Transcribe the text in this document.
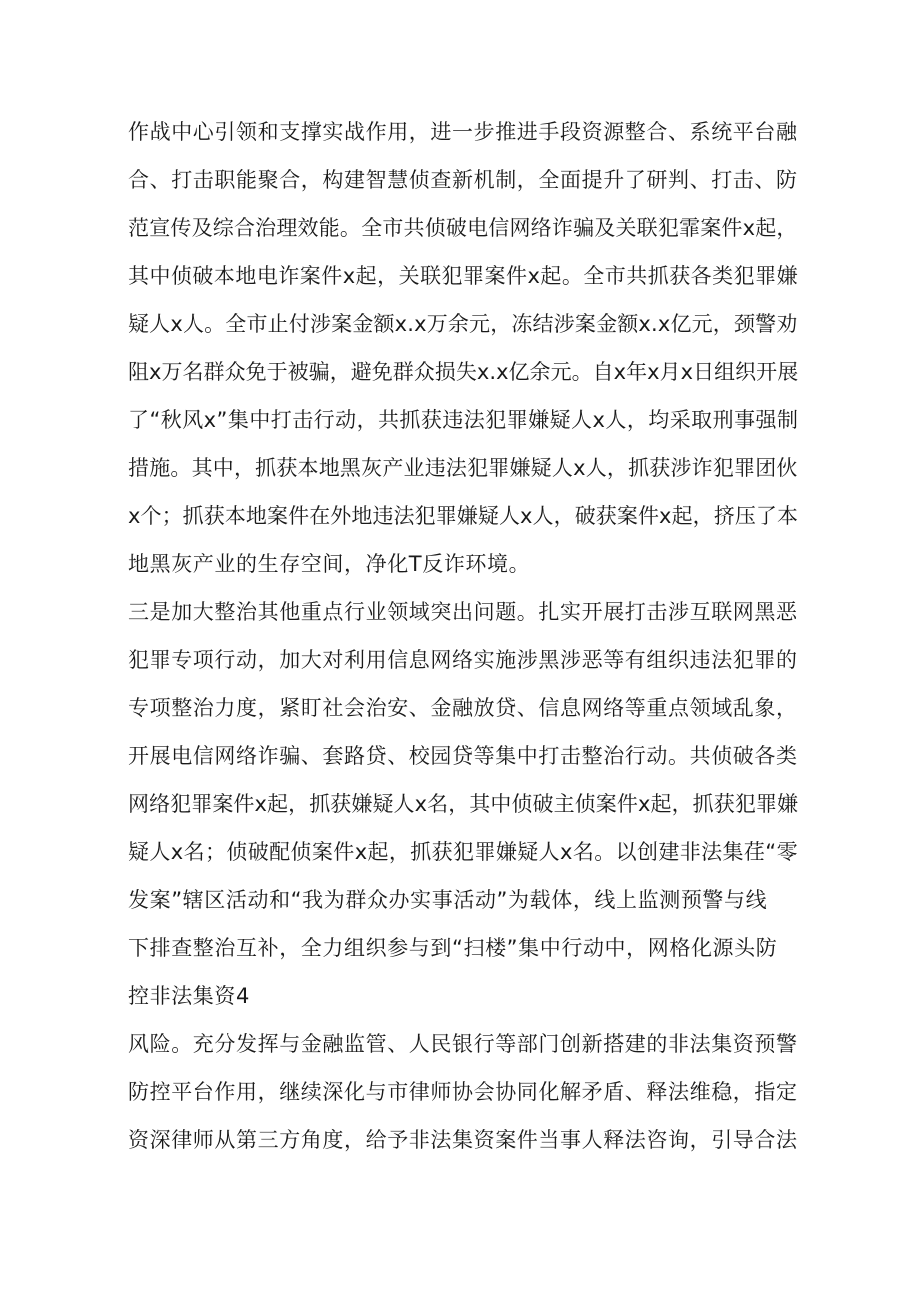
作战中心引领和支撑实战作用，进一步推进手段资源整合、系统平台融
合、打击职能聚合，构建智慧侦查新机制，全面提升了研判、打击、防
范宣传及综合治理效能。全市共侦破电信网络诈骗及关联犯霏案件x起，
其中侦破本地电诈案件x起，关联犯罪案件x起。全市共抓获各类犯罪嫌
疑人x人。全市止付涉案金额x.x万余元，冻结涉案金额x.x亿元，颈警劝
阻x万名群众免于被骗，避免群众损失x.x亿余元。自x年x月x日组织开展
了“秋风x”集中打击行动，共抓获违法犯罪嫌疑人x人，均采取刑事强制
措施。其中，抓获本地黑灰产业违法犯罪嫌疑人x人，抓获涉诈犯罪团伙
x个；抓获本地案件在外地违法犯罪嫌疑人x人，破获案件x起，挤压了本
地黑灰产业的生存空间，净化T反诈环境。
三是加大整治其他重点行业领域突出问题。扎实开展打击涉互联网黑恶
犯罪专项行动，加大对利用信息网络实施涉黑涉恶等有组织违法犯罪的
专项整治力度，紧盯社会治安、金融放贷、信息网络等重点领域乱象，
开展电信网络诈骗、套路贷、校园贷等集中打击整治行动。共侦破各类
网络犯罪案件x起，抓获嫌疑人x名，其中侦破主侦案件x起，抓获犯罪嫌
疑人x名；侦破配侦案件x起，抓获犯罪嫌疑人x名。以创建非法集荏“零
发案”辖区活动和“我为群众办实事活动”为载体，线上监测预警与线
下排查整治互补，全力组织参与到“扫楼”集中行动中，网格化源头防
控非法集资4
风险。充分发挥与金融监管、人民银行等部门创新搭建的非法集资预警
防控平台作用，继续深化与市律师协会协同化解矛盾、释法维稳，指定
资深律师从第三方角度，给予非法集资案件当事人释法咨询，引导合法
